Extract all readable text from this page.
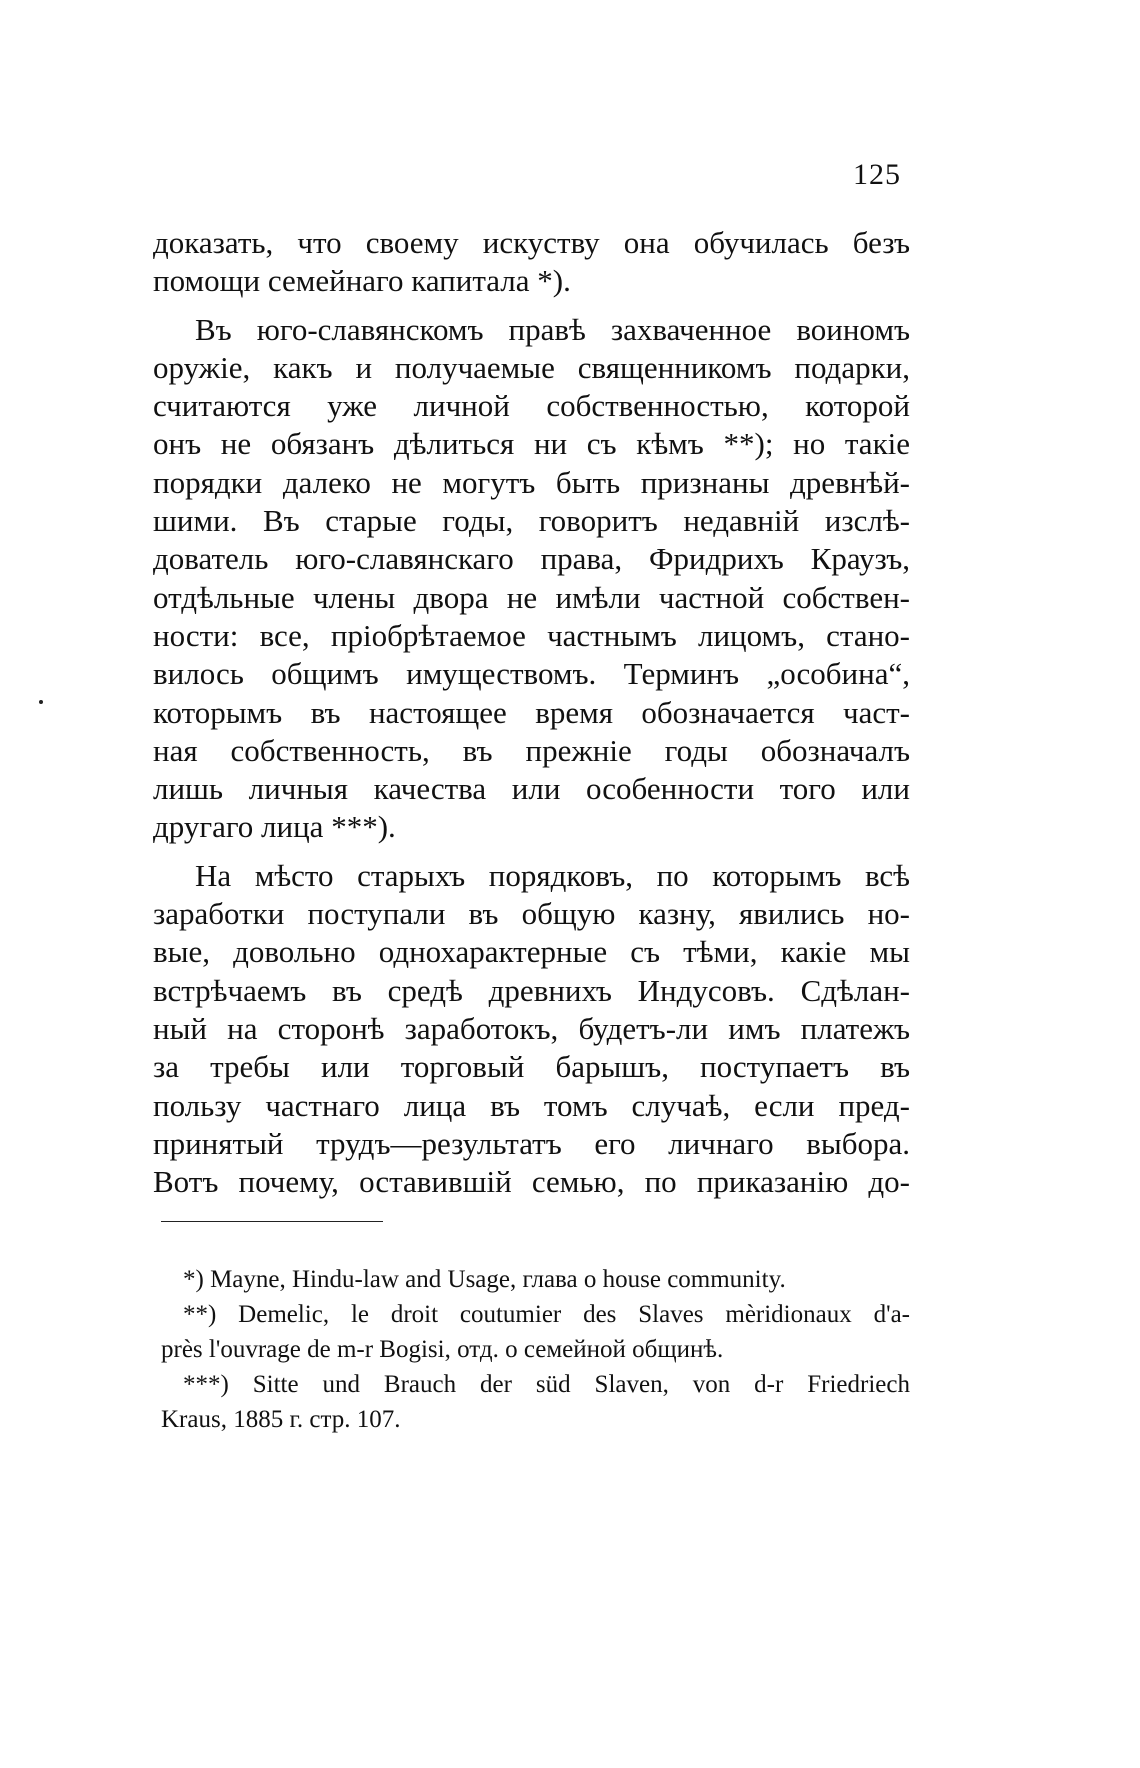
125
доказать, что своему искуству она обучилась безъ
помощи семейнаго капитала *).
Въ юго-славянскомъ правѣ захваченное воиномъ
оружіе, какъ и получаемые священникомъ подарки,
считаются уже личной собственностью, которой
онъ не обязанъ дѣлиться ни съ кѣмъ **); но такіе
порядки далеко не могутъ быть признаны древнѣй-
шими. Въ старые годы, говоритъ недавній изслѣ-
дователь юго-славянскаго права, Фридрихъ Краузъ,
отдѣльные члены двора не имѣли частной собствен-
ности: все, пріобрѣтаемое частнымъ лицомъ, стано-
вилось общимъ имуществомъ. Терминъ „особина“,
которымъ въ настоящее время обозначается част-
ная собственность, въ прежніе годы обозначалъ
лишь личныя качества или особенности того или
другаго лица ***).
На мѣсто старыхъ порядковъ, по которымъ всѣ
заработки поступали въ общую казну, явились но-
вые, довольно однохарактерные съ тѣми, какіе мы
встрѣчаемъ въ средѣ древнихъ Индусовъ. Сдѣлан-
ный на сторонѣ заработокъ, будетъ-ли имъ платежъ
за требы или торговый барышъ, поступаетъ въ
пользу частнаго лица въ томъ случаѣ, если пред-
принятый трудъ—результатъ его личнаго выбора.
Вотъ почему, оставившій семью, по приказанію до-
*) Mayne, Hindu-law and Usage, глава о house community.
**) Demelic, le droit coutumier des Slaves mèridionaux d'a-
près l'ouvrage de m-r Bogisi, отд. о семейной общинѣ.
***) Sitte und Brauch der süd Slaven, von d-r Friedriech
Kraus, 1885 г. стр. 107.
